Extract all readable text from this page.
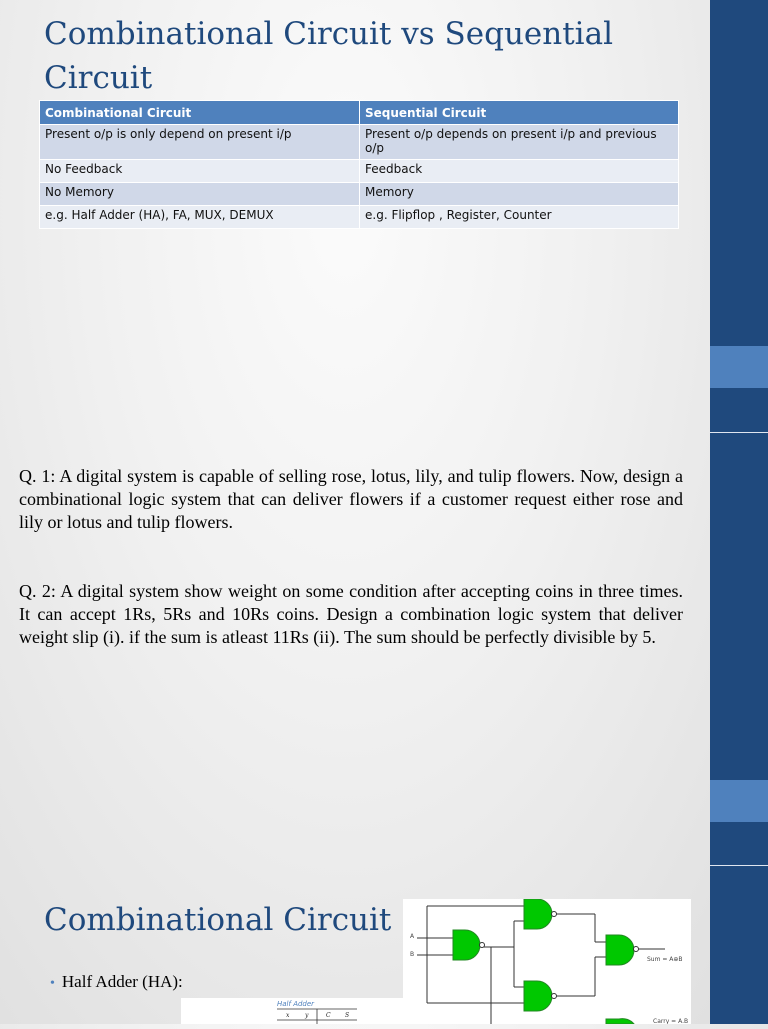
Combinational Circuit vs Sequential Circuit
Combinational Circuit	Sequential Circuit
Present o/p is only depend on present i/p	Present o/p depends on present i/p and previous o/p
No Feedback	Feedback
No Memory	Memory
e.g. Half Adder (HA), FA, MUX, DEMUX	e.g. Flipflop , Register, Counter

Q. 1: A digital system is capable of selling rose, lotus, lily, and tulip flowers. Now, design a combinational logic system that can deliver flowers if a customer request either rose and lily or lotus and tulip flowers.

Q. 2: A digital system show weight on some condition after accepting coins in three times. It can accept 1Rs, 5Rs and 10Rs coins. Design a combination logic system that deliver weight slip (i). if the sum is atleast 11Rs (ii). The sum should be perfectly divisible by 5.

Combinational Circuit
• Half Adder (HA):
A
B
Sum = A⊕B
Carry = A.B
Half Adder
x	y	C S
